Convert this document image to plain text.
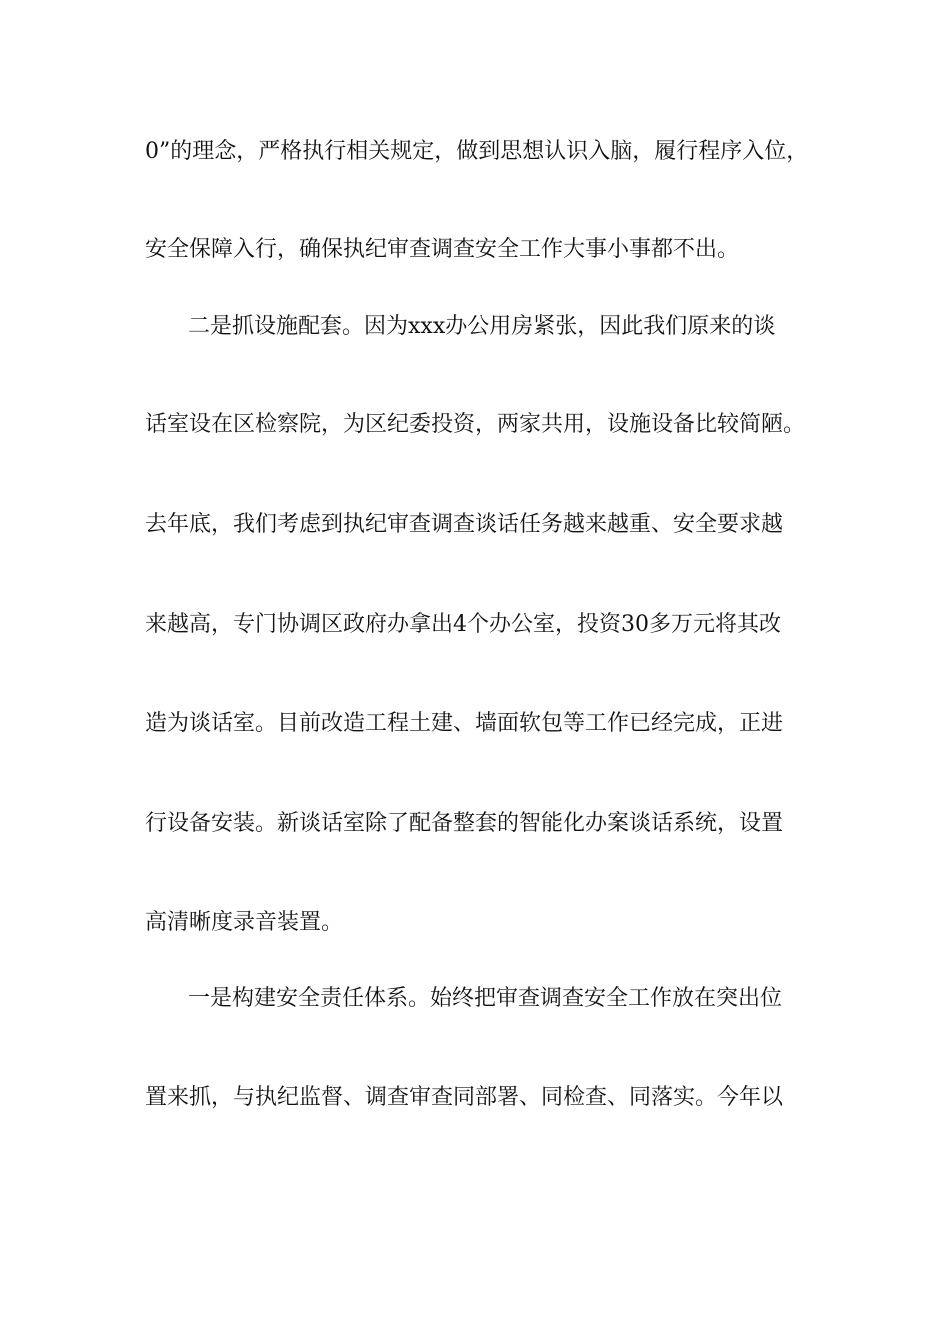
0”的理念，严格执行相关规定，做到思想认识入脑，履行程序入位，
安全保障入行，确保执纪审查调查安全工作大事小事都不出。
二是抓设施配套。因为xxx办公用房紧张，因此我们原来的谈
话室设在区检察院，为区纪委投资，两家共用，设施设备比较简陋。
去年底，我们考虑到执纪审查调查谈话任务越来越重、安全要求越
来越高，专门协调区政府办拿出4个办公室，投资30多万元将其改
造为谈话室。目前改造工程土建、墙面软包等工作已经完成，正进
行设备安装。新谈话室除了配备整套的智能化办案谈话系统，设置
高清晰度录音装置。
一是构建安全责任体系。始终把审查调查安全工作放在突出位
置来抓，与执纪监督、调查审查同部署、同检查、同落实。今年以
